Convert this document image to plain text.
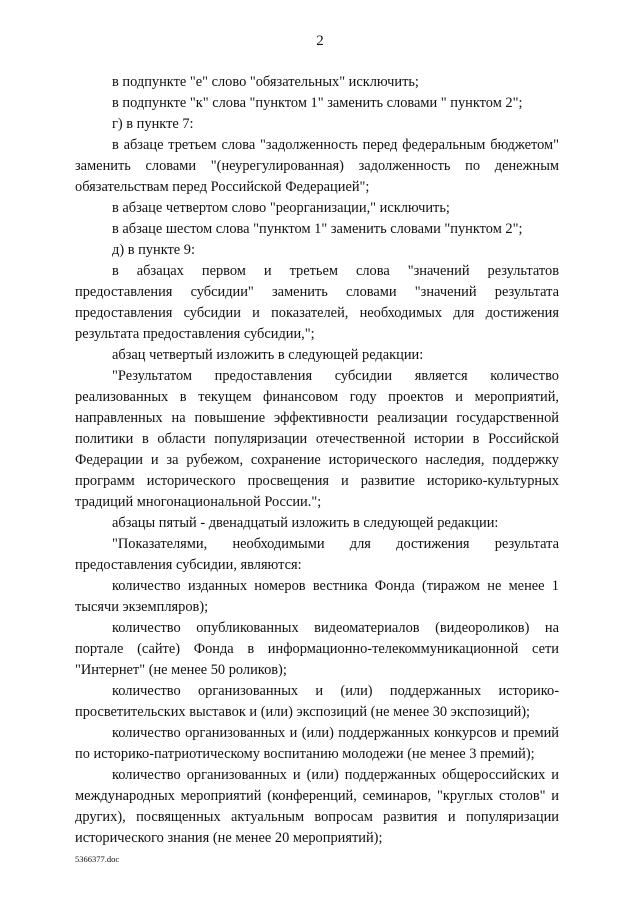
2

в подпункте "е" слово "обязательных" исключить;

в подпункте "к" слова "пунктом 1" заменить словами " пунктом 2";

г) в пункте 7:

в абзаце третьем слова "задолженность перед федеральным бюджетом" заменить словами "(неурегулированная) задолженность по денежным обязательствам перед Российской Федерацией";

в абзаце четвертом слово "реорганизации," исключить;

в абзаце шестом слова "пунктом 1" заменить словами "пунктом 2";

д) в пункте 9:

в абзацах первом и третьем слова "значений результатов предоставления субсидии" заменить словами "значений результата предоставления субсидии и показателей, необходимых для достижения результата предоставления субсидии,";

абзац четвертый изложить в следующей редакции:

"Результатом предоставления субсидии является количество реализованных в текущем финансовом году проектов и мероприятий, направленных на повышение эффективности реализации государственной политики в области популяризации отечественной истории в Российской Федерации и за рубежом, сохранение исторического наследия, поддержку программ исторического просвещения и развитие историко-культурных традиций многонациональной России.";

абзацы пятый - двенадцатый изложить в следующей редакции:

"Показателями, необходимыми для достижения результата предоставления субсидии, являются:

количество изданных номеров вестника Фонда (тиражом не менее 1 тысячи экземпляров);

количество опубликованных видеоматериалов (видеороликов) на портале (сайте) Фонда в информационно-телекоммуникационной сети "Интернет" (не менее 50 роликов);

количество организованных и (или) поддержанных историко-просветительских выставок и (или) экспозиций (не менее 30 экспозиций);

количество организованных и (или) поддержанных конкурсов и премий по историко-патриотическому воспитанию молодежи (не менее 3 премий);

количество организованных и (или) поддержанных общероссийских и международных мероприятий (конференций, семинаров, "круглых столов" и других), посвященных актуальным вопросам развития и популяризации исторического знания (не менее 20 мероприятий);

5366377.doc
